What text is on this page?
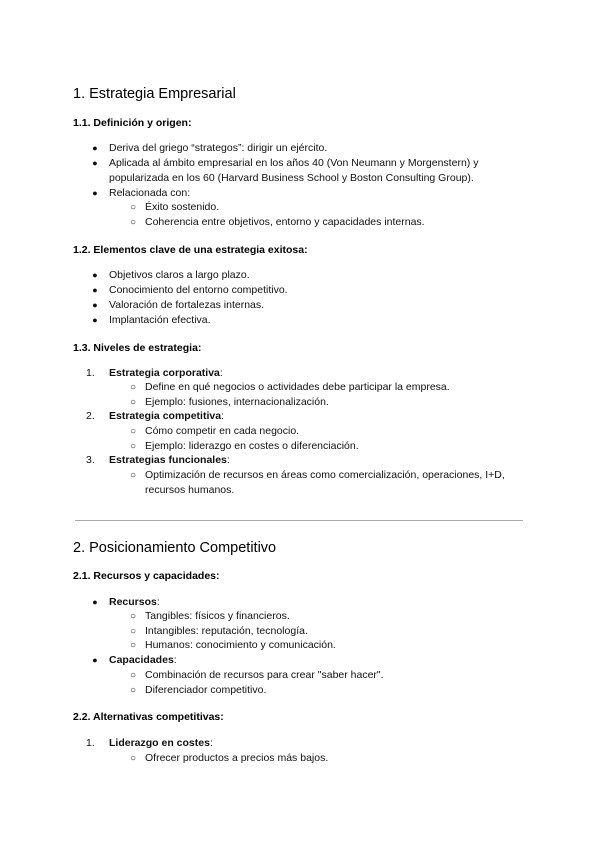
1. Estrategia Empresarial
1.1. Definición y origen:
● Deriva del griego “strategos”: dirigir un ejército.
● Aplicada al ámbito empresarial en los años 40 (Von Neumann y Morgenstern) y
popularizada en los 60 (Harvard Business School y Boston Consulting Group).
● Relacionada con:
○ Éxito sostenido.
○ Coherencia entre objetivos, entorno y capacidades internas.
1.2. Elementos clave de una estrategia exitosa:
● Objetivos claros a largo plazo.
● Conocimiento del entorno competitivo.
● Valoración de fortalezas internas.
● Implantación efectiva.
1.3. Niveles de estrategia:
1. Estrategia corporativa:
○ Define en qué negocios o actividades debe participar la empresa.
○ Ejemplo: fusiones, internacionalización.
2. Estrategia competitiva:
○ Cómo competir en cada negocio.
○ Ejemplo: liderazgo en costes o diferenciación.
3. Estrategias funcionales:
○ Optimización de recursos en áreas como comercialización, operaciones, I+D,
recursos humanos.
2. Posicionamiento Competitivo
2.1. Recursos y capacidades:
● Recursos:
○ Tangibles: físicos y financieros.
○ Intangibles: reputación, tecnología.
○ Humanos: conocimiento y comunicación.
● Capacidades:
○ Combinación de recursos para crear "saber hacer".
○ Diferenciador competitivo.
2.2. Alternativas competitivas:
1. Liderazgo en costes:
○ Ofrecer productos a precios más bajos.
